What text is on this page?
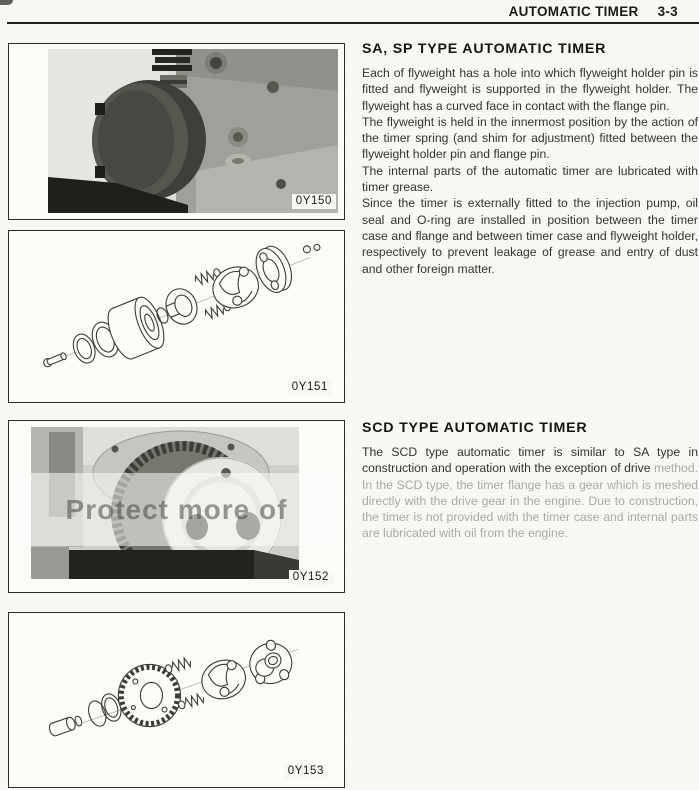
AUTOMATIC TIMER 3-3
0Y150
0Y151
Protect more of
0Y152
0Y153
SA, SP TYPE AUTOMATIC TIMER

Each of flyweight has a hole into which flyweight holder pin is fitted and flyweight is supported in the flyweight holder. The flyweight has a curved face in contact with the flange pin.

The flyweight is held in the innermost position by the action of the timer spring (and shim for adjustment) fitted between the flyweight holder pin and flange pin.

The internal parts of the automatic timer are lubricated with timer grease.

Since the timer is externally fitted to the injection pump, oil seal and O-ring are installed in position between the timer case and flange and between timer case and flyweight holder, respectively to prevent leakage of grease and entry of dust and other foreign matter.

SCD TYPE AUTOMATIC TIMER

The SCD type automatic timer is similar to SA type in construction and operation with the exception of drive method. In the SCD type, the timer flange has a gear which is meshed directly with the drive gear in the engine. Due to construction, the timer is not provided with the timer case and internal parts are lubricated with oil from the engine.
